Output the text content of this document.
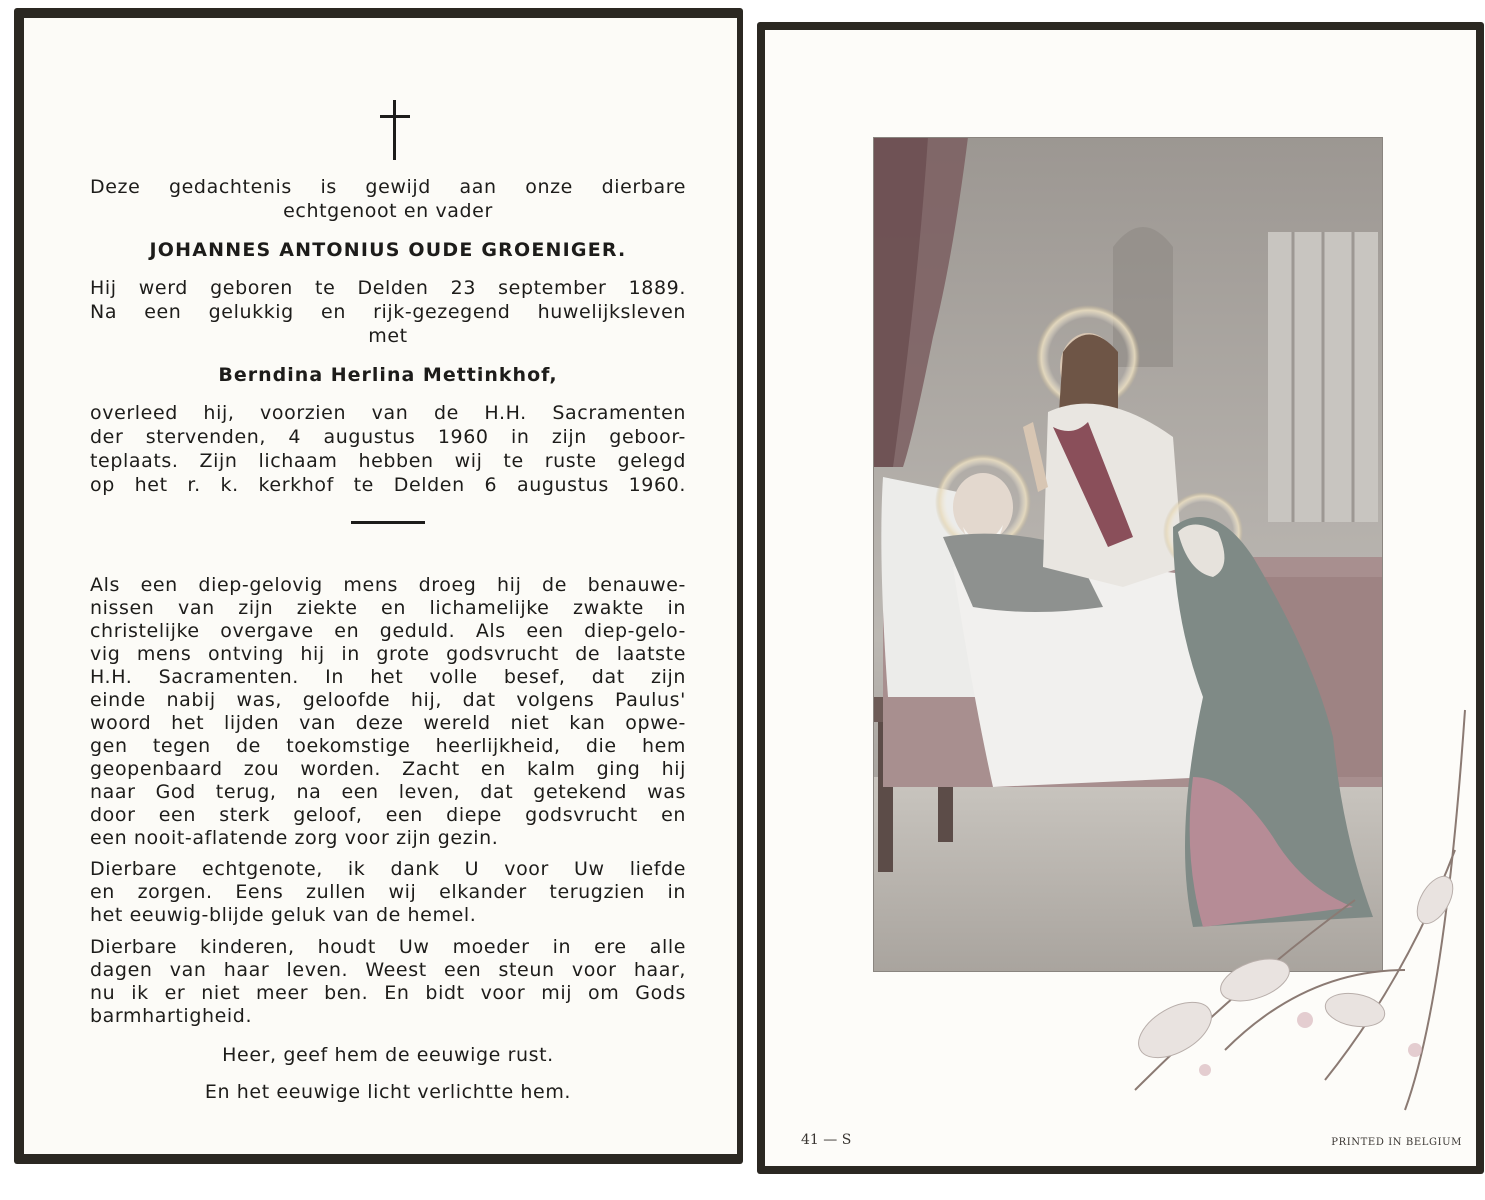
Deze gedachtenis is gewijd aan onze dierbare

echtgenoot en vader

JOHANNES ANTONIUS OUDE GROENIGER.

Hij werd geboren te Delden 23 september 1889.

Na een gelukkig en rijk-gezegend huwelijksleven

met

Berndina Herlina Mettinkhof,

overleed hij, voorzien van de H.H. Sacramenten

der stervenden, 4 augustus 1960 in zijn geboor-

teplaats. Zijn lichaam hebben wij te ruste gelegd

op het r. k. kerkhof te Delden 6 augustus 1960.

Als een diep-gelovig mens droeg hij de benauwe-

nissen van zijn ziekte en lichamelijke zwakte in

christelijke overgave en geduld. Als een diep-gelo-

vig mens ontving hij in grote godsvrucht de laatste

H.H. Sacramenten. In het volle besef, dat zijn

einde nabij was, geloofde hij, dat volgens Paulus'

woord het lijden van deze wereld niet kan opwe-

gen tegen de toekomstige heerlijkheid, die hem

geopenbaard zou worden. Zacht en kalm ging hij

naar God terug, na een leven, dat getekend was

door een sterk geloof, een diepe godsvrucht en

een nooit-aflatende zorg voor zijn gezin.

Dierbare echtgenote, ik dank U voor Uw liefde

en zorgen. Eens zullen wij elkander terugzien in

het eeuwig-blijde geluk van de hemel.

Dierbare kinderen, houdt Uw moeder in ere alle

dagen van haar leven. Weest een steun voor haar,

nu ik er niet meer ben. En bidt voor mij om Gods

barmhartigheid.

Heer, geef hem de eeuwige rust.

En het eeuwige licht verlichtte hem.

41 — S	PRINTED IN BELGIUM
